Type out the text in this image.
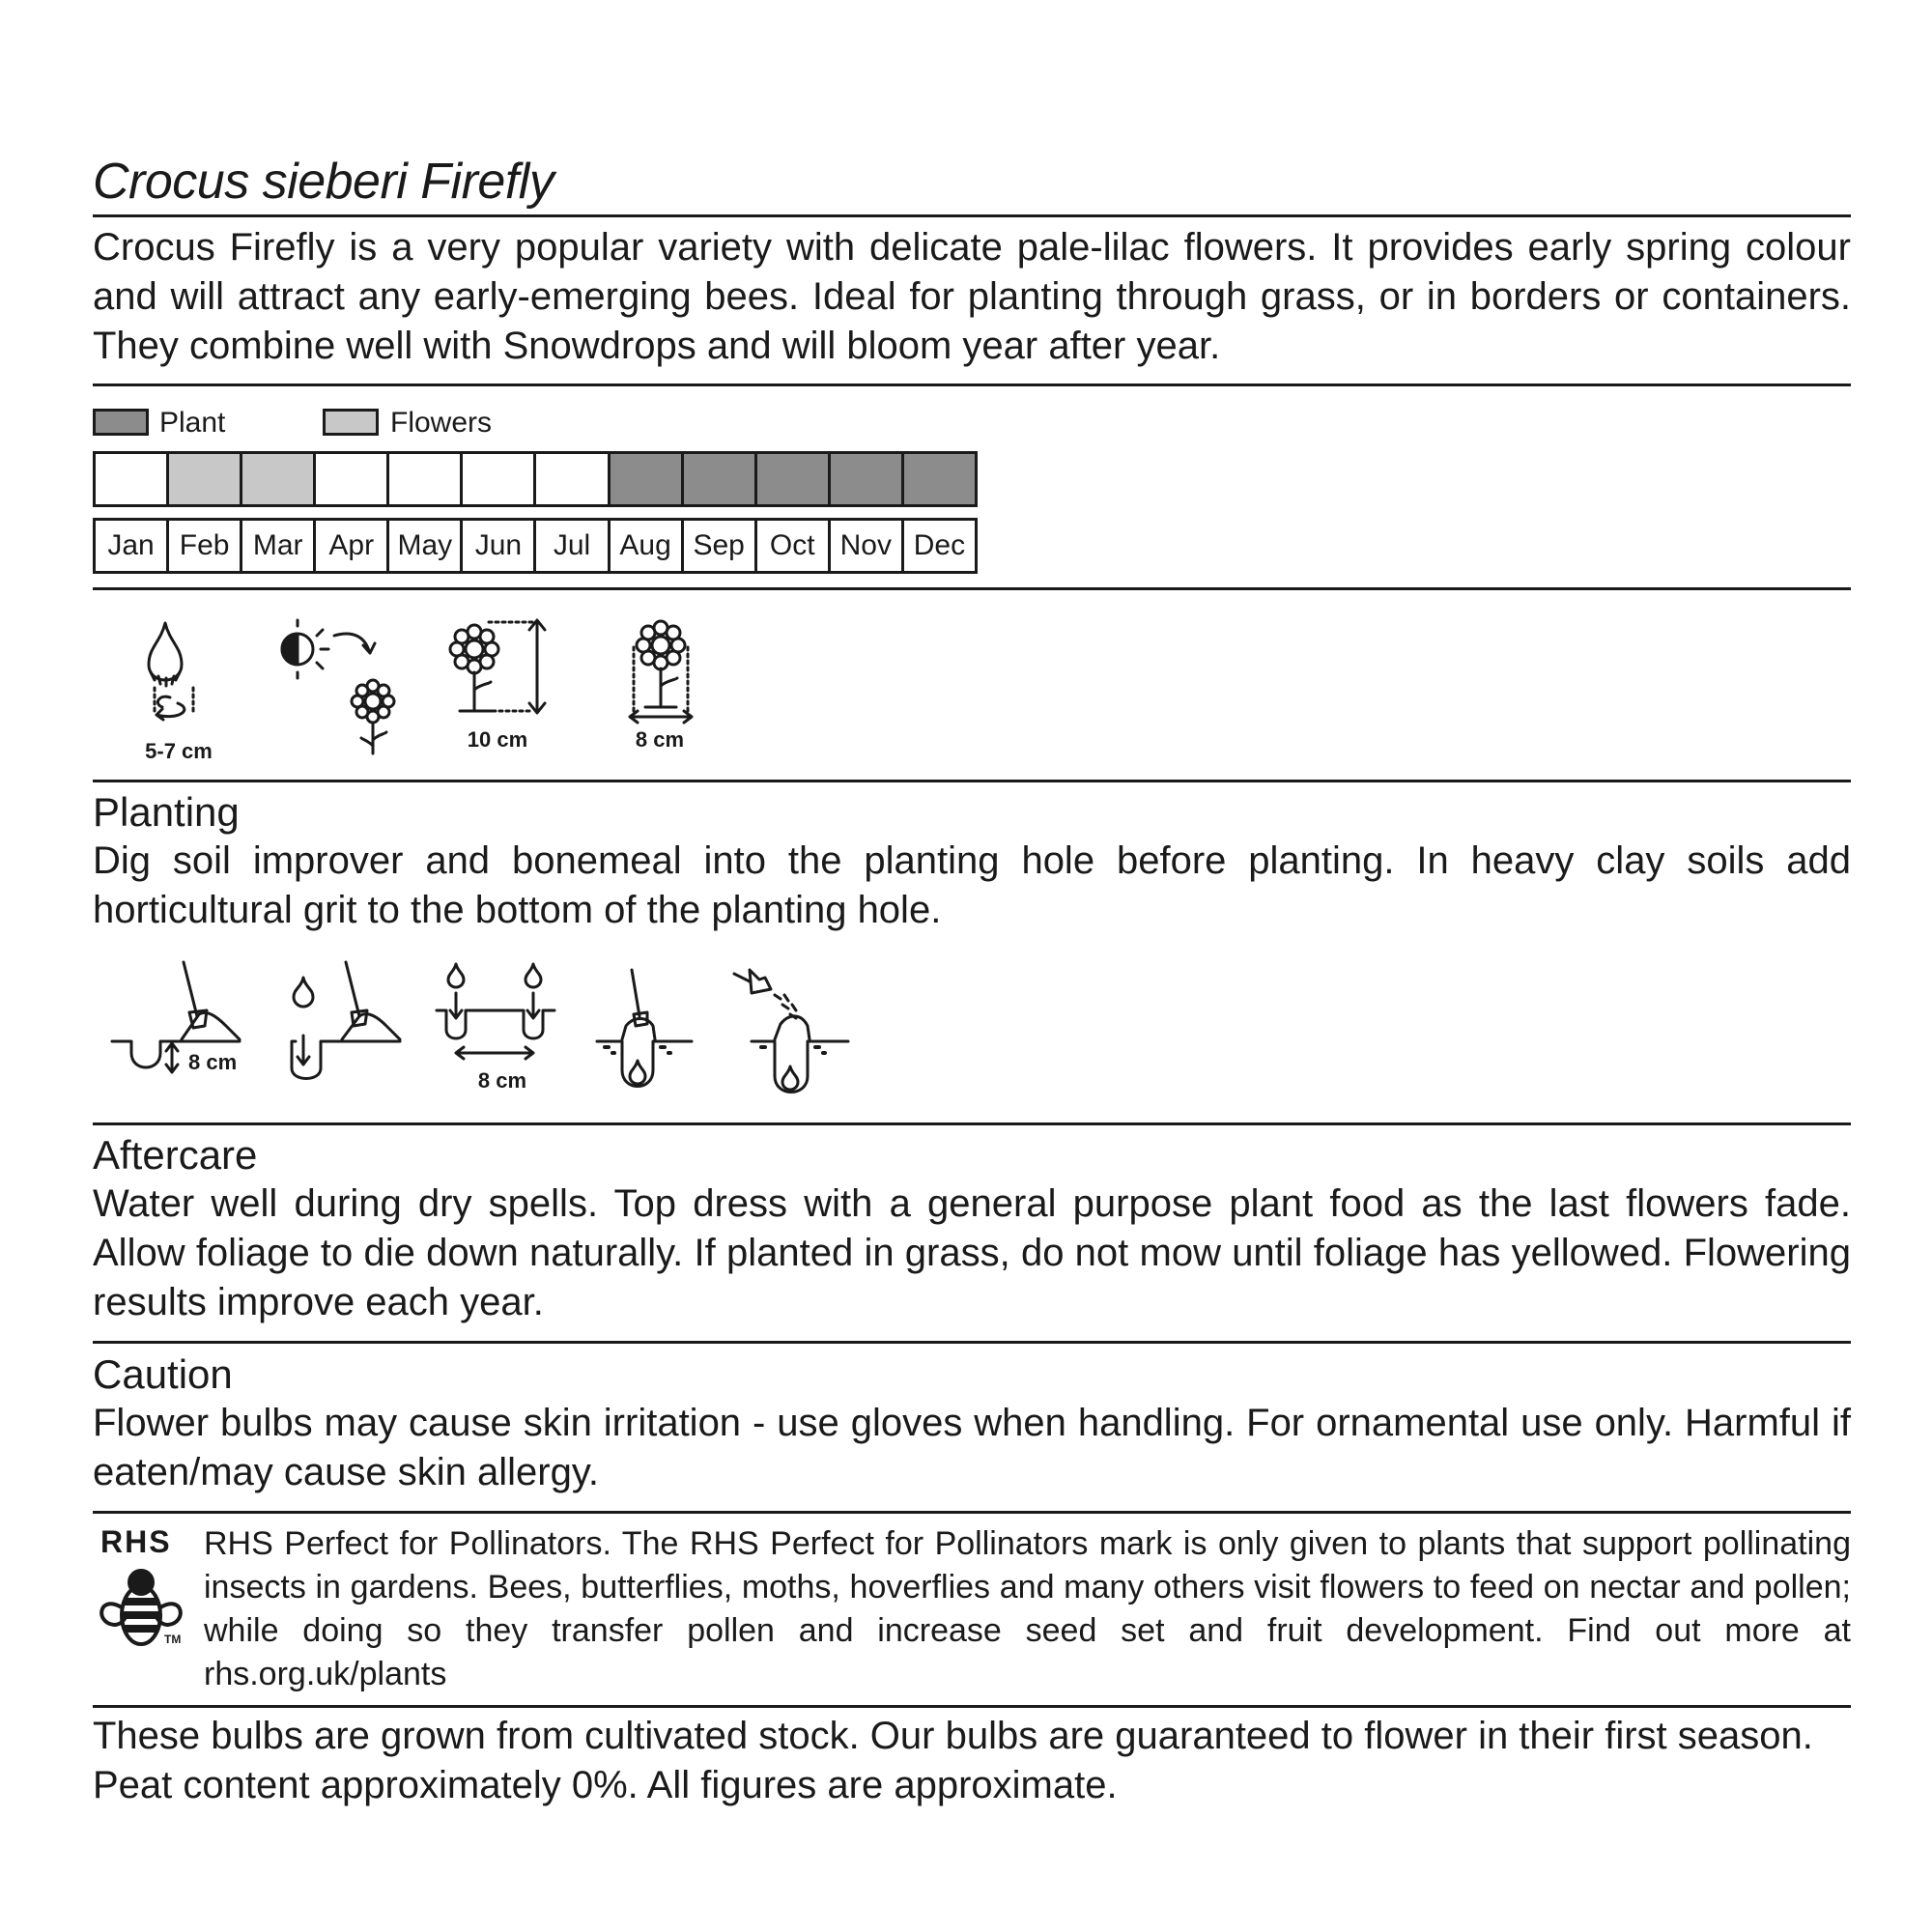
Crocus sieberi Firefly
Crocus Firefly is a very popular variety with delicate pale-lilac flowers. It provides early spring colour and will attract any early-emerging bees. Ideal for planting through grass, or in borders or containers. They combine well with Snowdrops and will bloom year after year.
Plant	Flowers
Jan Feb Mar Apr May Jun	Jul	Aug Sep Oct Nov Dec
5-7 cm	10 cm	8 cm
Planting
Dig soil improver and bonemeal into the planting hole before planting. In heavy clay soils add horticultural grit to the bottom of the planting hole.
8 cm
8 cm
Aftercare
Water well during dry spells. Top dress with a general purpose plant food as the last flowers fade. Allow foliage to die down naturally. If planted in grass, do not mow until foliage has yellowed. Flowering results improve each year.
Caution
Flower bulbs may cause skin irritation - use gloves when handling. For ornamental use only. Harmful if eaten/may cause skin allergy.
RHS
TM
RHS Perfect for Pollinators. The RHS Perfect for Pollinators mark is only given to plants that support pollinating insects in gardens. Bees, butterflies, moths, hoverflies and many others visit flowers to feed on nectar and pollen; while doing so they transfer pollen and increase seed set and fruit development. Find out more at rhs.org.uk/plants
These bulbs are grown from cultivated stock. Our bulbs are guaranteed to flower in their first season. Peat content approximately 0%. All figures are approximate.
